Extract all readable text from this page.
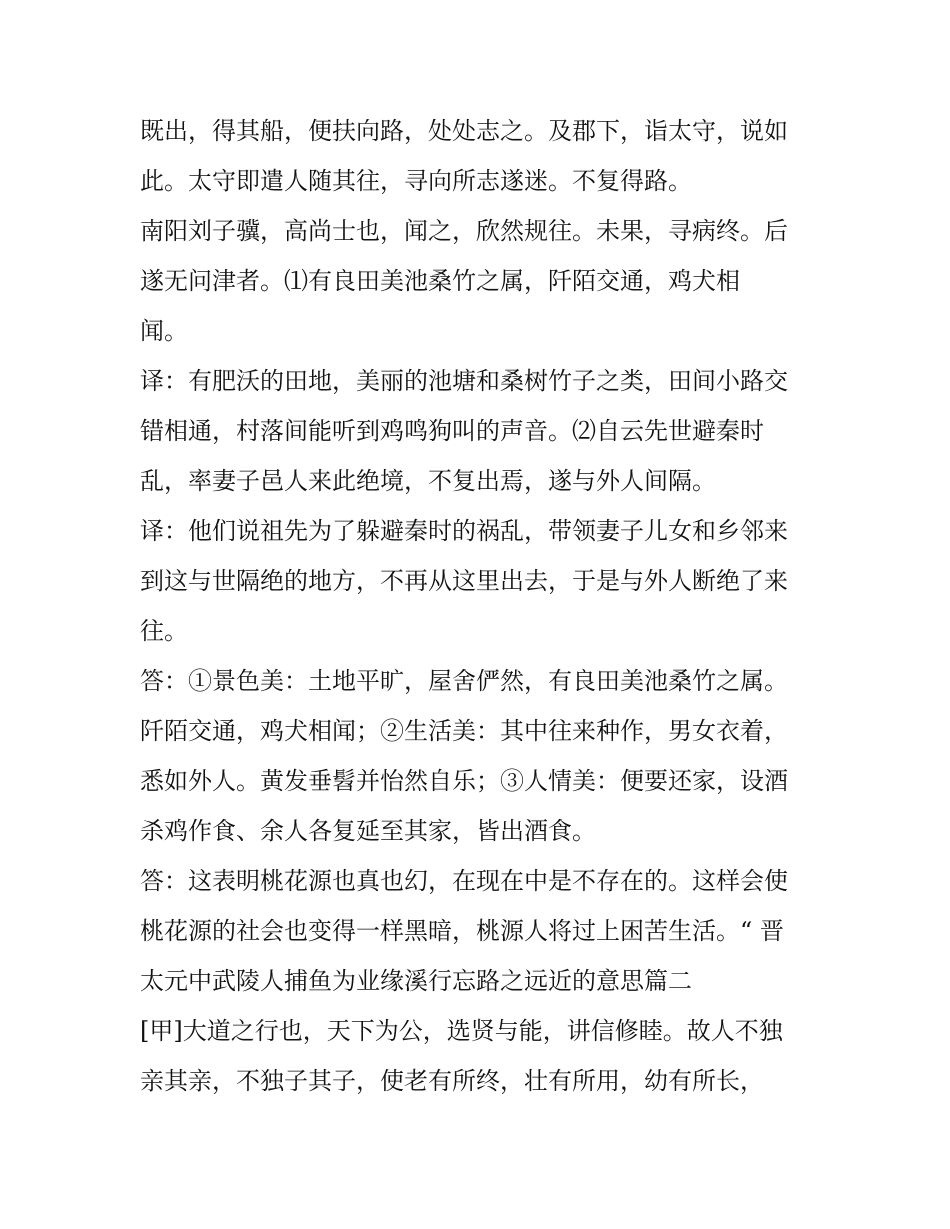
既出，得其船，便扶向路，处处志之。及郡下，诣太守，说如

此。太守即遣人随其往，寻向所志遂迷。不复得路。

南阳刘子骥，高尚士也，闻之，欣然规往。未果，寻病终。后

遂无问津者。⑴有良田美池桑竹之属，阡陌交通，鸡犬相

闻。

译：有肥沃的田地，美丽的池塘和桑树竹子之类，田间小路交

错相通，村落间能听到鸡鸣狗叫的声音。⑵自云先世避秦时

乱，率妻子邑人来此绝境，不复出焉，遂与外人间隔。

译：他们说祖先为了躲避秦时的祸乱，带领妻子儿女和乡邻来

到这与世隔绝的地方，不再从这里出去，于是与外人断绝了来

往。

答：①景色美：土地平旷，屋舍俨然，有良田美池桑竹之属。

阡陌交通，鸡犬相闻；②生活美：其中往来种作，男女衣着，

悉如外人。黄发垂髫并怡然自乐；③人情美：便要还家，设酒

杀鸡作食、余人各复延至其家，皆出酒食。

答：这表明桃花源也真也幻，在现在中是不存在的。这样会使

桃花源的社会也变得一样黑暗，桃源人将过上困苦生活。“ 晋

太元中武陵人捕鱼为业缘溪行忘路之远近的意思篇二

[甲]大道之行也，天下为公，选贤与能，讲信修睦。故人不独

亲其亲，不独子其子，使老有所终，壮有所用，幼有所长，
